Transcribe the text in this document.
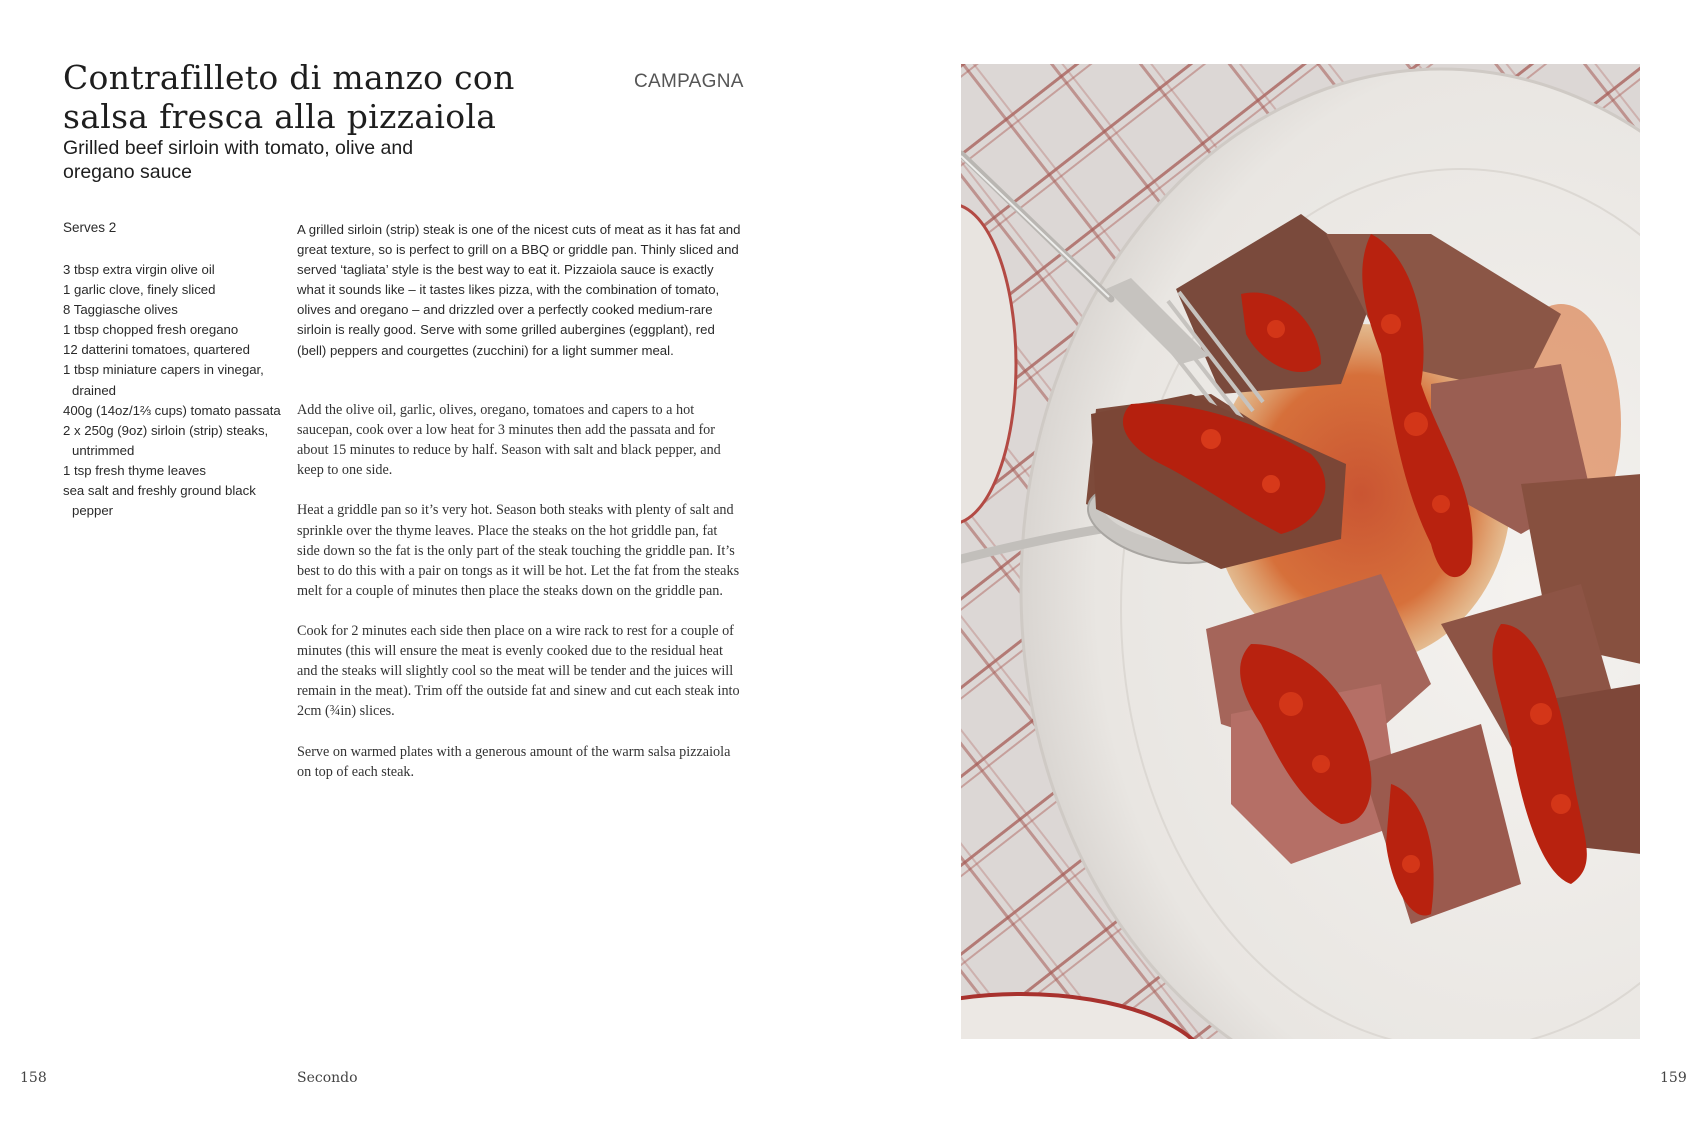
Contrafilleto di manzo con
salsa fresca alla pizzaiola
Grilled beef sirloin with tomato, olive and oregano sauce
CAMPAGNA
Serves 2
3 tbsp extra virgin olive oil
1 garlic clove, finely sliced
8 Taggiasche olives
1 tbsp chopped fresh oregano
12 datterini tomatoes, quartered
1 tbsp miniature capers in vinegar, drained
400g (14oz/1⅔ cups) tomato passata
2 x 250g (9oz) sirloin (strip) steaks, untrimmed
1 tsp fresh thyme leaves
sea salt and freshly ground black pepper

A grilled sirloin (strip) steak is one of the nicest cuts of meat as it has fat and great texture, so is perfect to grill on a BBQ or griddle pan. Thinly sliced and served ‘tagliata’ style is the best way to eat it. Pizzaiola sauce is exactly what it sounds like – it tastes likes pizza, with the combination of tomato, olives and oregano – and drizzled over a perfectly cooked medium-rare sirloin is really good. Serve with some grilled aubergines (eggplant), red (bell) peppers and courgettes (zucchini) for a light summer meal.

Add the olive oil, garlic, olives, oregano, tomatoes and capers to a hot saucepan, cook over a low heat for 3 minutes then add the passata and for about 15 minutes to reduce by half. Season with salt and black pepper, and keep to one side.

Heat a griddle pan so it’s very hot. Season both steaks with plenty of salt and sprinkle over the thyme leaves. Place the steaks on the hot griddle pan, fat side down so the fat is the only part of the steak touching the griddle pan. It’s best to do this with a pair on tongs as it will be hot. Let the fat from the steaks melt for a couple of minutes then place the steaks down on the griddle pan.

Cook for 2 minutes each side then place on a wire rack to rest for a couple of minutes (this will ensure the meat is evenly cooked due to the residual heat and the steaks will slightly cool so the meat will be tender and the juices will remain in the meat). Trim off the outside fat and sinew and cut each steak into 2cm (¾in) slices.

Serve on warmed plates with a generous amount of the warm salsa pizzaiola on top of each steak.

158	Secondo	159
